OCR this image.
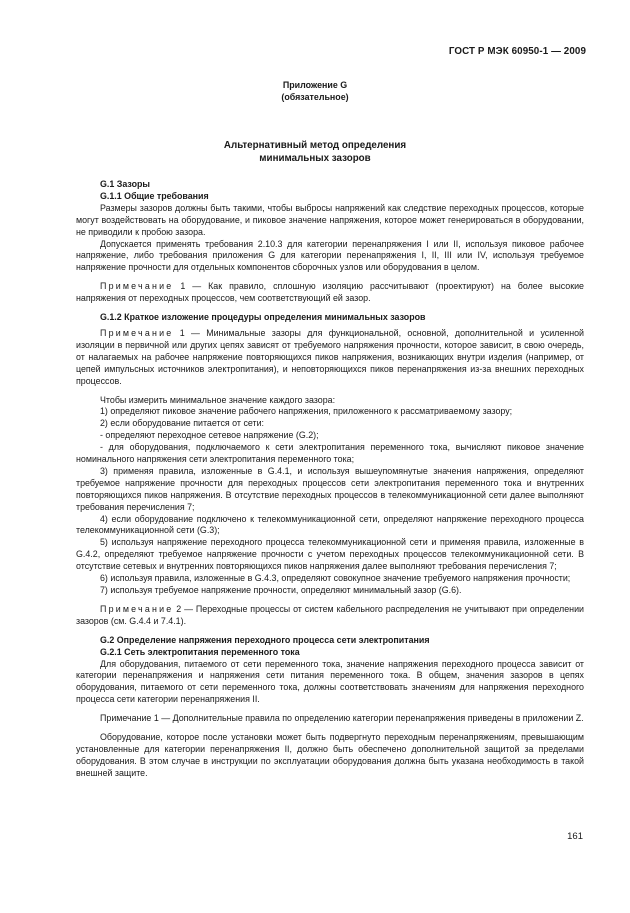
ГОСТ Р МЭК 60950-1 — 2009
Приложение G
(обязательное)
Альтернативный метод определения
минимальных зазоров

G.1 Зазоры

G.1.1 Общие требования

Размеры зазоров должны быть такими, чтобы выбросы напряжений как следствие переходных процессов, которые могут воздействовать на оборудование, и пиковое значение напряжения, которое может генерироваться в оборудовании, не приводили к пробою зазора.

Допускается применять требования 2.10.3 для категории перенапряжения I или II, используя пиковое рабочее напряжение, либо требования приложения G для категории перенапряжения I, II, III или IV, используя требуемое напряжение прочности для отдельных компонентов сборочных узлов или оборудования в целом.

Примечание 1 — Как правило, сплошную изоляцию рассчитывают (проектируют) на более высокие напряжения от переходных процессов, чем соответствующий ей зазор.

G.1.2 Краткое изложение процедуры определения минимальных зазоров

Примечание 1 — Минимальные зазоры для функциональной, основной, дополнительной и усиленной изоляции в первичной или других цепях зависят от требуемого напряжения прочности, которое зависит, в свою очередь, от налагаемых на рабочее напряжение повторяющихся пиков напряжения, возникающих внутри изделия (например, от цепей импульсных источников электропитания), и неповторяющихся пиков перенапряжения из-за внешних переходных процессов.

Чтобы измерить минимальное значение каждого зазора:

1) определяют пиковое значение рабочего напряжения, приложенного к рассматриваемому зазору;

2) если оборудование питается от сети:

- определяют переходное сетевое напряжение (G.2);

- для оборудования, подключаемого к сети электропитания переменного тока, вычисляют пиковое значение номинального напряжения сети электропитания переменного тока;

3) применяя правила, изложенные в G.4.1, и используя вышеупомянутые значения напряжения, определяют требуемое напряжение прочности для переходных процессов сети электропитания переменного тока и внутренних повторяющихся пиков напряжения. В отсутствие переходных процессов в телекоммуникационной сети далее выполняют требования перечисления 7;

4) если оборудование подключено к телекоммуникационной сети, определяют напряжение переходного процесса телекоммуникационной сети (G.3);

5) используя напряжение переходного процесса телекоммуникационной сети и применяя правила, изложенные в G.4.2, определяют требуемое напряжение прочности с учетом переходных процессов телекоммуникационной сети. В отсутствие сетевых и внутренних повторяющихся пиков напряжения далее выполняют требования перечисления 7;

6) используя правила, изложенные в G.4.3, определяют совокупное значение требуемого напряжения прочности;

7) используя требуемое напряжение прочности, определяют минимальный зазор (G.6).

Примечание 2 — Переходные процессы от систем кабельного распределения не учитывают при определении зазоров (см. G.4.4 и 7.4.1).

G.2 Определение напряжения переходного процесса сети электропитания

G.2.1 Сеть электропитания переменного тока

Для оборудования, питаемого от сети переменного тока, значение напряжения переходного процесса зависит от категории перенапряжения и напряжения сети питания переменного тока. В общем, значения зазоров в цепях оборудования, питаемого от сети переменного тока, должны соответствовать значениям для напряжения переходного процесса сети категории перенапряжения II.

Примечание 1 — Дополнительные правила по определению категории перенапряжения приведены в приложении Z.

Оборудование, которое после установки может быть подвергнуто переходным перенапряжениям, превышающим установленные для категории перенапряжения II, должно быть обеспечено дополнительной защитой за пределами оборудования. В этом случае в инструкции по эксплуатации оборудования должна быть указана необходимость в такой внешней защите.

161
